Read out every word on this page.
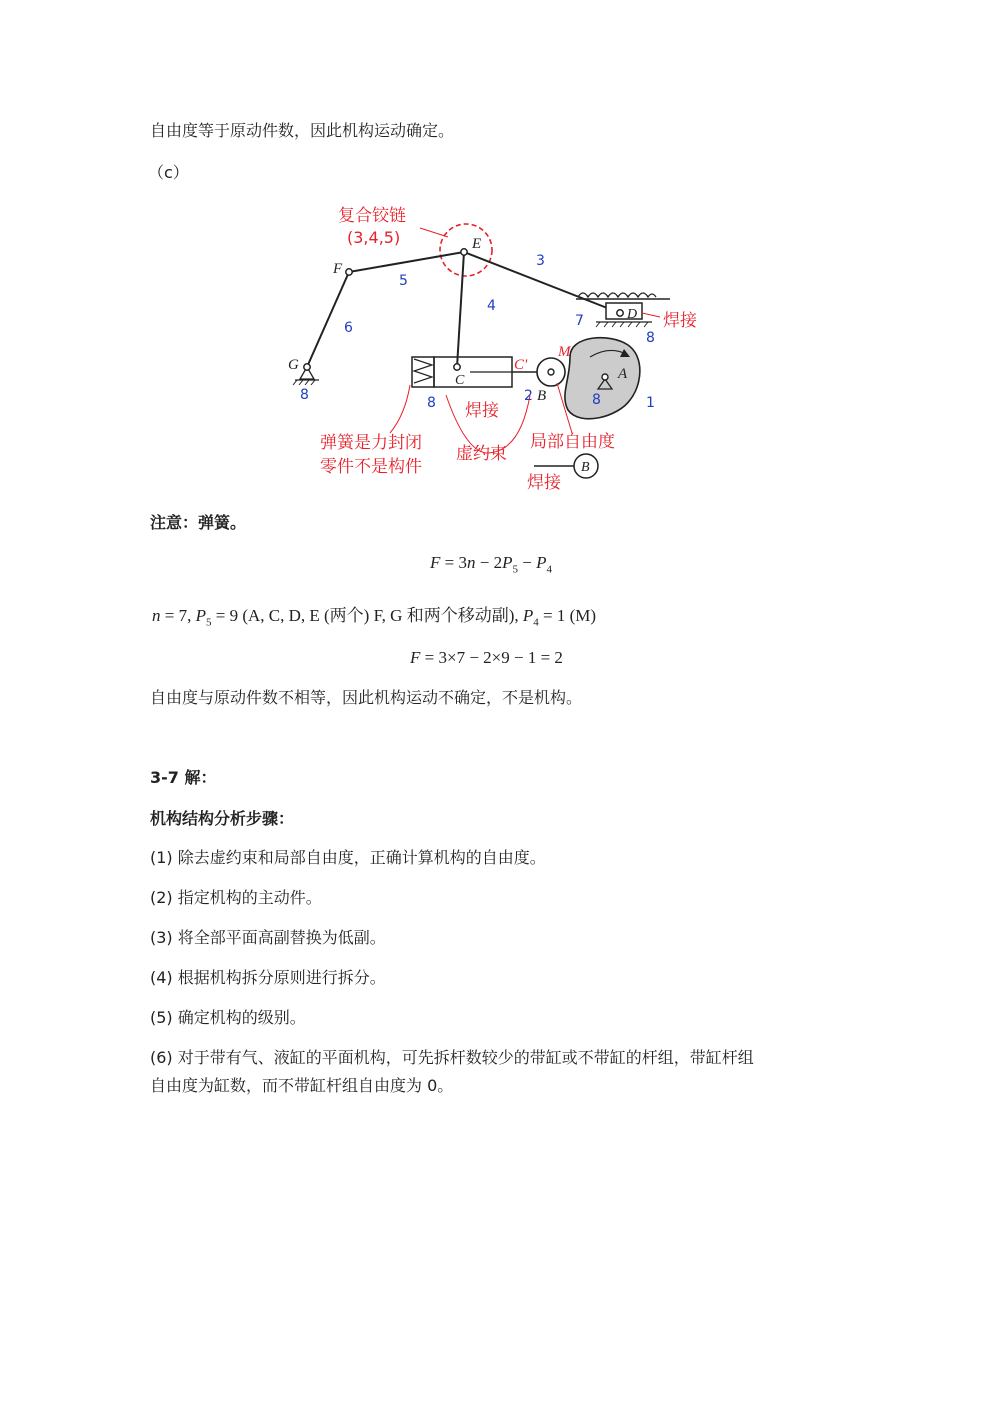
自由度等于原动件数，因此机构运动确定。
（c）
复合铰链
(3,4,5)
焊接
焊接
弹簧是力封闭
零件不是构件
虚约束
局部自由度
焊接
E
F
G
C
C'
M
B
A
D
B
1
2
3
4
5
6	7
8	8	8
8
注意：弹簧。
$F = 3n - 2P_5 - P_4$
n = 7, $P_5 = 9$ (A, C, D, E (两个) F, G 和两个移动副), $P_4 = 1$ (M)
F = 3×7 − 2×9 − 1 = 2
自由度与原动件数不相等，因此机构运动不确定，不是机构。
3-7 解：
机构结构分析步骤：
(1) 除去虚约束和局部自由度，正确计算机构的自由度。
(2) 指定机构的主动件。
(3) 将全部平面高副替换为低副。
(4) 根据机构拆分原则进行拆分。
(5) 确定机构的级别。
(6) 对于带有气、液缸的平面机构，可先拆杆数较少的带缸或不带缸的杆组，带缸杆组
自由度为缸数，而不带缸杆组自由度为 0。
